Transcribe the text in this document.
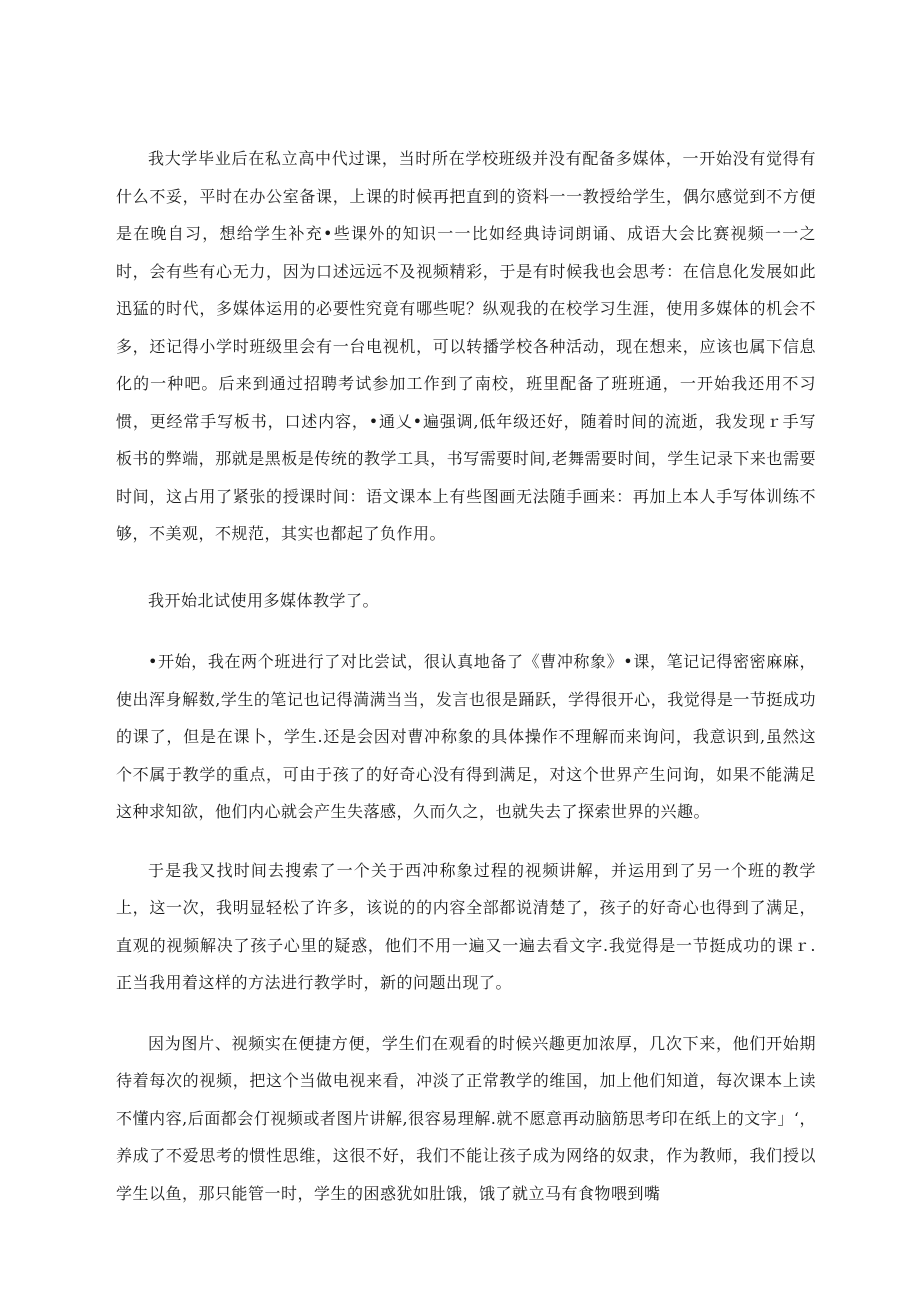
我大学毕业后在私立高中代过课，当时所在学校班级并没有配备多媒体，一开始没有觉得有什么不妥，平时在办公室备课，上课的时候再把直到的资料一一教授给学生，偶尔感觉到不方便是在晚自习，想给学生补充•些课外的知识一一比如经典诗词朗诵、成语大会比赛视频一一之时，会有些有心无力，因为口述远远不及视频精彩，于是有时候我也会思考：在信息化发展如此迅猛的时代，多媒体运用的必要性究竟有哪些呢？纵观我的在校学习生涯，使用多媒体的机会不多，还记得小学时班级里会有一台电视机，可以转播学校各种活动，现在想来，应该也属下信息化的一种吧。后来到通过招聘考试参加工作到了南校，班里配备了班班通，一开始我还用不习惯，更经常手写板书，口述内容，•通乂•遍强调,低年级还好，随着时间的流逝，我发现ｒ手写板书的弊端，那就是黑板是传统的教学工具，书写需要时间,老舞需要时间，学生记录下来也需要时间，这占用了紧张的授课时间：语文课本上有些图画无法随手画来：再加上本人手写体训练不够，不美观，不规范，其实也都起了负作用。

我开始北试使用多媒体教学了。

•开始，我在两个班进行了对比尝试，很认真地备了《曹冲称象》•课，笔记记得密密麻麻，使出浑身解数,学生的笔记也记得満满当当，发言也很是踊跃，学得很开心，我觉得是一节挺成功的课了，但是在课卜，学生.还是会因对曹冲称象的具体操作不理解而来询问，我意识到,虽然这个不属于教学的重点，可由于孩了的好奇心没有得到满足，对这个世界产生问询，如果不能满足这种求知欲，他们内心就会产生失落感，久而久之，也就失去了探索世界的兴趣。

于是我又找时间去搜索了一个关于西冲称象过程的视频讲解，并运用到了另一个班的教学上，这一次，我明显轻松了许多，该说的的内容全部都说清楚了，孩子的好奇心也得到了满足，直观的视频解决了孩子心里的疑惑，他们不用一遍又一遍去看文字.我觉得是一节挺成功的课ｒ.正当我用着这样的方法进行教学时，新的问题出现了。

因为图片、视频实在便捷方便，学生们在观看的时候兴趣更加浓厚，几次下来，他们开始期待着每次的视频，把这个当做电视来看，冲淡了正常教学的维国，加上他们知道，每次课本上读不懂内容,后面都会仃视频或者图片讲解,很容易理解.就不愿意再动脑筋思考印在纸上的文字」‘，养成了不爱思考的惯性思维，这很不好，我们不能让孩子成为网络的奴隶，作为教师，我们授以学生以鱼，那只能管一时，学生的困惑犹如肚饿，饿了就立马有食物喂到嘴
